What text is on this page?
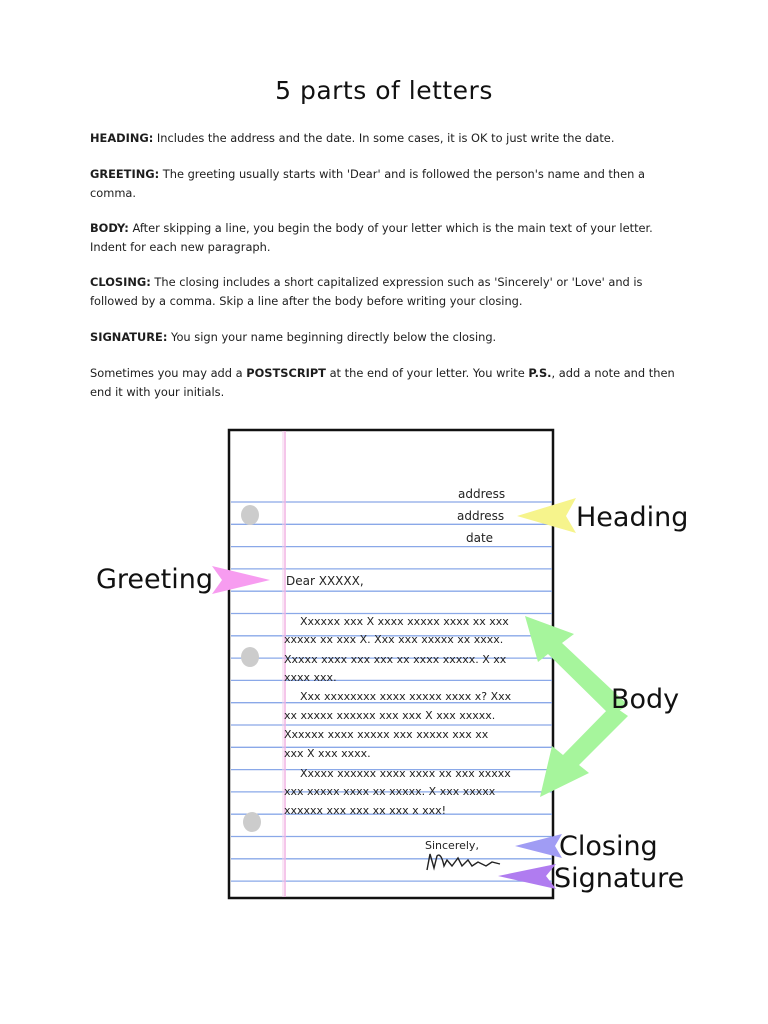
5 parts of letters
HEADING: Includes the address and the date. In some cases, it is OK to just write the date.
GREETING: The greeting usually starts with 'Dear' and is followed the person's name and then a comma.
BODY: After skipping a line, you begin the body of your letter which is the main text of your letter. Indent for each new paragraph.
CLOSING: The closing includes a short capitalized expression such as 'Sincerely' or 'Love' and is followed by a comma. Skip a line after the body before writing your closing.
SIGNATURE: You sign your name beginning directly below the closing.
Sometimes you may add a POSTSCRIPT at the end of your letter. You write P.S., add a note and then end it with your initials.
address
address
date
Dear XXXXX,
Xxxxxx xxx X xxxx xxxxx xxxx xx xxx
xxxxx xx xxx X. Xxx xxx xxxxx xx xxxx.
Xxxxx xxxx xxx xxx xx xxxx xxxxx. X xx
xxxx xxx.
Xxx xxxxxxxx xxxx xxxxx xxxx x? Xxx
xx xxxxx xxxxxx xxx xxx X xxx xxxxx.
Xxxxxx xxxx xxxxx xxx xxxxx xxx xx
xxx X xxx xxxx.
Xxxxx xxxxxx xxxx xxxx xx xxx xxxxx
xxx xxxxx xxxx xx xxxxx. X xxx xxxxx
xxxxxx xxx xxx xx xxx x xxx!
Sincerely,
Heading
Greeting
Body
Closing
Signature
